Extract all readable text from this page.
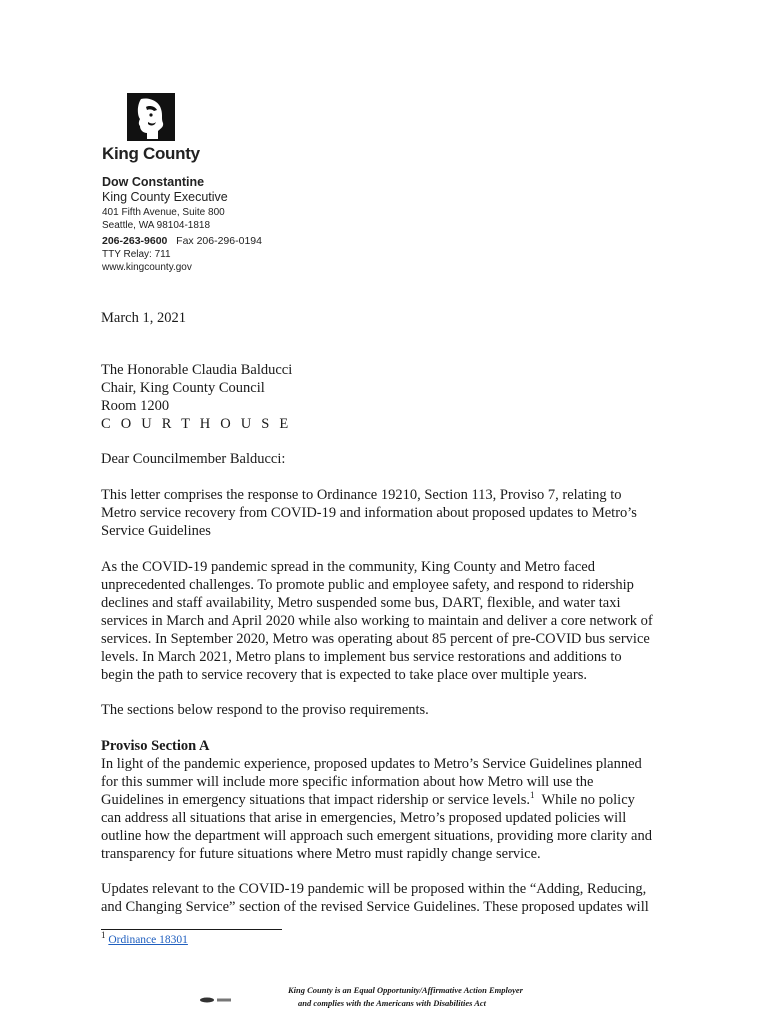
King County
Dow Constantine
King County Executive
401 Fifth Avenue, Suite 800
Seattle, WA 98104-1818
206-263-9600 Fax 206-296-0194
TTY Relay: 711
www.kingcounty.gov
March 1, 2021
The Honorable Claudia Balducci
Chair, King County Council
Room 1200
C O U R T H O U S E
Dear Councilmember Balducci:
This letter comprises the response to Ordinance 19210, Section 113, Proviso 7, relating to
Metro service recovery from COVID-19 and information about proposed updates to Metro’s
Service Guidelines
As the COVID-19 pandemic spread in the community, King County and Metro faced
unprecedented challenges. To promote public and employee safety, and respond to ridership
declines and staff availability, Metro suspended some bus, DART, flexible, and water taxi
services in March and April 2020 while also working to maintain and deliver a core network of
services. In September 2020, Metro was operating about 85 percent of pre-COVID bus service
levels. In March 2021, Metro plans to implement bus service restorations and additions to
begin the path to service recovery that is expected to take place over multiple years.
The sections below respond to the proviso requirements.
Proviso Section A
In light of the pandemic experience, proposed updates to Metro’s Service Guidelines planned
for this summer will include more specific information about how Metro will use the
Guidelines in emergency situations that impact ridership or service levels.$^1$  While no policy
can address all situations that arise in emergencies, Metro’s proposed updated policies will
outline how the department will approach such emergent situations, providing more clarity and
transparency for future situations where Metro must rapidly change service.
Updates relevant to the COVID-19 pandemic will be proposed within the “Adding, Reducing,
and Changing Service” section of the revised Service Guidelines. These proposed updates will
$^1$ Ordinance 18301
King County is an Equal Opportunity/Affirmative Action Employer
and complies with the Americans with Disabilities Act
